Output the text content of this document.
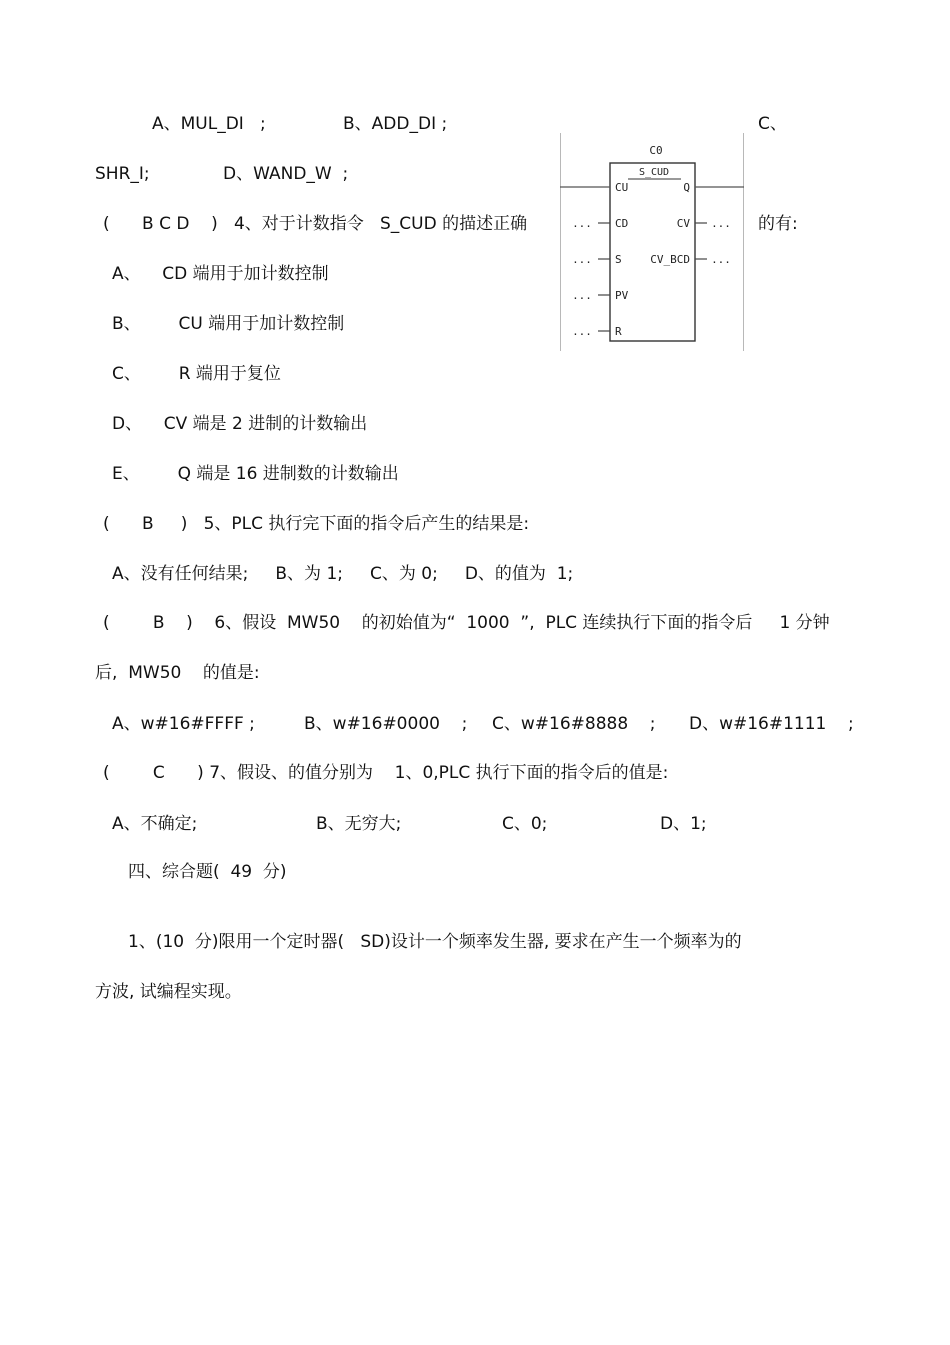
A、MUL_DI   ;	B、ADD_DI ;	C、
SHR_I;	D、WAND_W  ;
(      B C D    )   4、对于计数指令   S_CUD 的描述正确	的有:
A、    CD 端用于加计数控制
B、       CU 端用于加计数控制
C、       R 端用于复位
D、    CV 端是 2 进制的计数输出
E、       Q 端是 16 进制数的计数输出
C0
S_CUD
CU
CD
...
S
...
PV
...
R
...
Q
CV ...
CV_BCD ...
(      B     )   5、PLC 执行完下面的指令后产生的结果是:
A、没有任何结果;     B、为 1;     C、为 0;     D、的值为  1;
(        B    )    6、假设  MW50    的初始值为“  1000  ”,  PLC 连续执行下面的指令后     1 分钟
后,  MW50    的值是:
A、w#16#FFFF ;	B、w#16#0000    ; C、w#16#8888    ; D、w#16#1111    ;
(        C      ) 7、假设、的值分别为    1、0,PLC 执行下面的指令后的值是:
A、不确定;	B、无穷大;	C、0;	D、1;
四、综合题(  49  分)
1、(10  分)限用一个定时器(   SD)设计一个频率发生器, 要求在产生一个频率为的
方波, 试编程实现。
